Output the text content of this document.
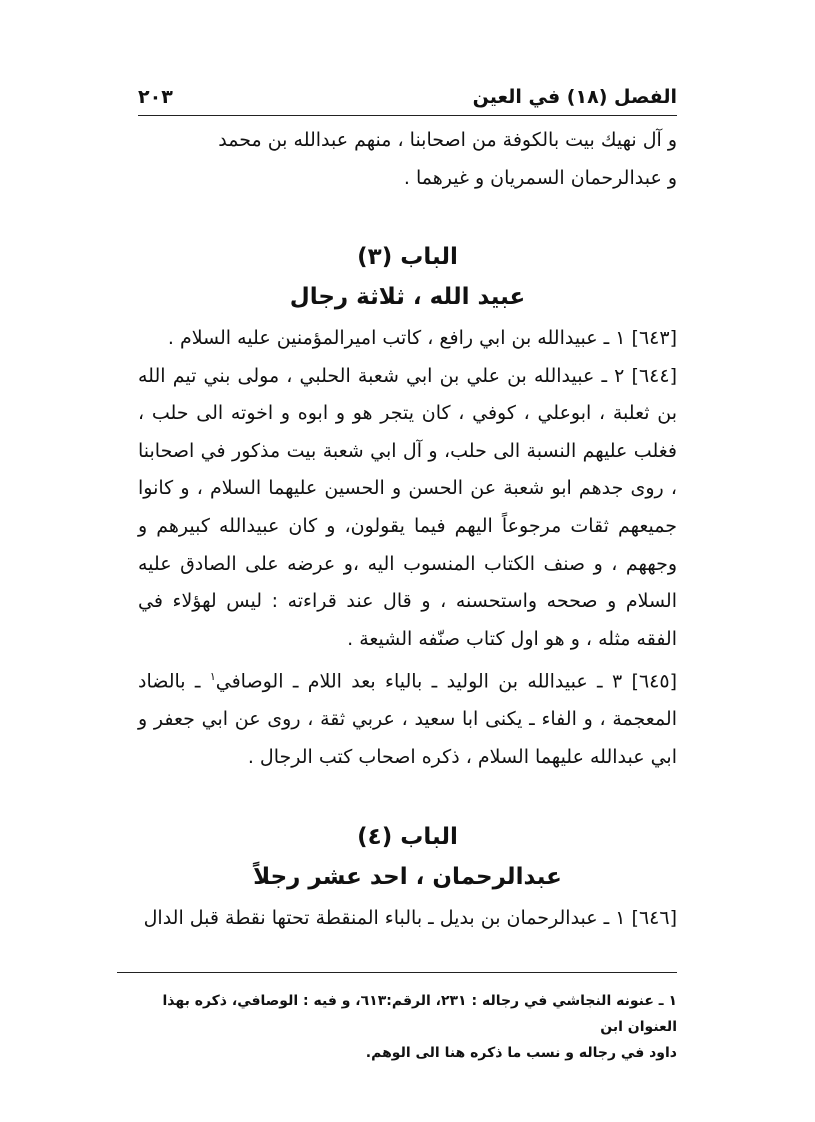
الفصل (١٨) في العين
٢٠٣

و آل نهيك بيت بالكوفة من اصحابنا ، منهم عبدالله بن محمد

و عبدالرحمان السمريان و غيرهما .

الباب (٣)
عبيد الله ، ثلاثة رجال

[٦٤٣] ١ ـ عبيدالله بن ابي رافع ، كاتب اميرالمؤمنين عليه السلام .

[٦٤٤] ٢ ـ عبيدالله بن علي بن ابي شعبة الحلبي ، مولى بني تيم الله بن ثعلبة ، ابوعلي ، كوفي ، كان يتجر هو و ابوه و اخوته الى حلب ، فغلب عليهم النسبة الى حلب، و آل ابي شعبة بيت مذكور في اصحابنا ، روى جدهم ابو شعبة عن الحسن و الحسين عليهما السلام ، و كانوا جميعهم ثقات مرجوعاً اليهم فيما يقولون، و كان عبيدالله كبيرهم و وجههم ، و صنف الكتاب المنسوب اليه ،و عرضه على الصادق عليه السلام و صححه واستحسنه ، و قال عند قراءته : ليس لهؤلاء في الفقه مثله ، و هو اول كتاب صنّفه الشيعة .

[٦٤٥] ٣ ـ عبيدالله بن الوليد ـ بالياء بعد اللام ـ الوصافي$^١$ ـ بالضاد المعجمة ، و الفاء ـ يكنى ابا سعيد ، عربي ثقة ، روى عن ابي جعفر و ابي عبدالله عليهما السلام ، ذكره اصحاب كتب الرجال .

الباب (٤)
عبدالرحمان ، احد عشر رجلاً

[٦٤٦] ١ ـ عبدالرحمان بن بديل ـ بالباء المنقطة تحتها نقطة قبل الدال

١ ـ عنونه النجاشي في رجاله : ٢٣١، الرقم:٦١٣، و فيه : الوصافي، ذكره بهذا العنوان ابن

داود في رجاله و نسب ما ذكره هنا الى الوهم.
